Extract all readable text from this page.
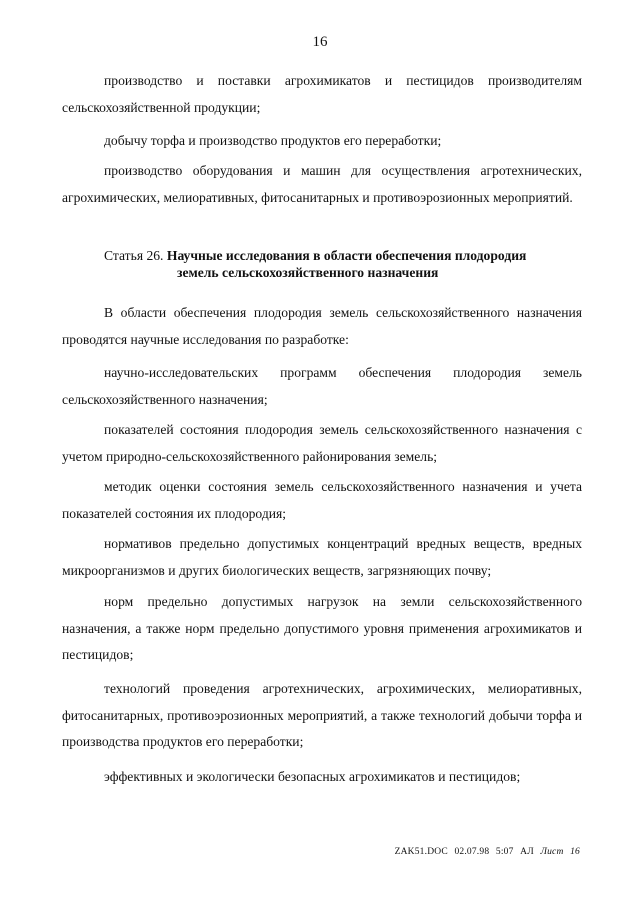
16

производство и поставки агрохимикатов и пестицидов производителям сельскохозяйственной продукции;

добычу торфа и производство продуктов его переработки;

производство оборудования и машин для осуществления агротехнических, агрохимических, мелиоративных, фитосанитарных и противоэрозионных мероприятий.

Статья 26. Научные исследования в области обеспечения плодородия
земель сельскохозяйственного назначения

В области обеспечения плодородия земель сельскохозяйственного назначения проводятся научные исследования по разработке:

научно-исследовательских программ обеспечения плодородия земель сельскохозяйственного назначения;

показателей состояния плодородия земель сельскохозяйственного назначения с учетом природно-сельскохозяйственного районирования земель;

методик оценки состояния земель сельскохозяйственного назначения и учета показателей состояния их плодородия;

нормативов предельно допустимых концентраций вредных веществ, вредных микроорганизмов и других биологических веществ, загрязняющих почву;

норм предельно допустимых нагрузок на земли сельскохозяйственного назначения, а также норм предельно допустимого уровня применения агрохимикатов и пестицидов;

технологий проведения агротехнических, агрохимических, мелиоративных, фитосанитарных, противоэрозионных мероприятий, а также технологий добычи торфа и производства продуктов его переработки;

эффективных и экологически безопасных агрохимикатов и пестицидов;

ZAK51.DOC 02.07.98 5:07 АЛ Лист 16
